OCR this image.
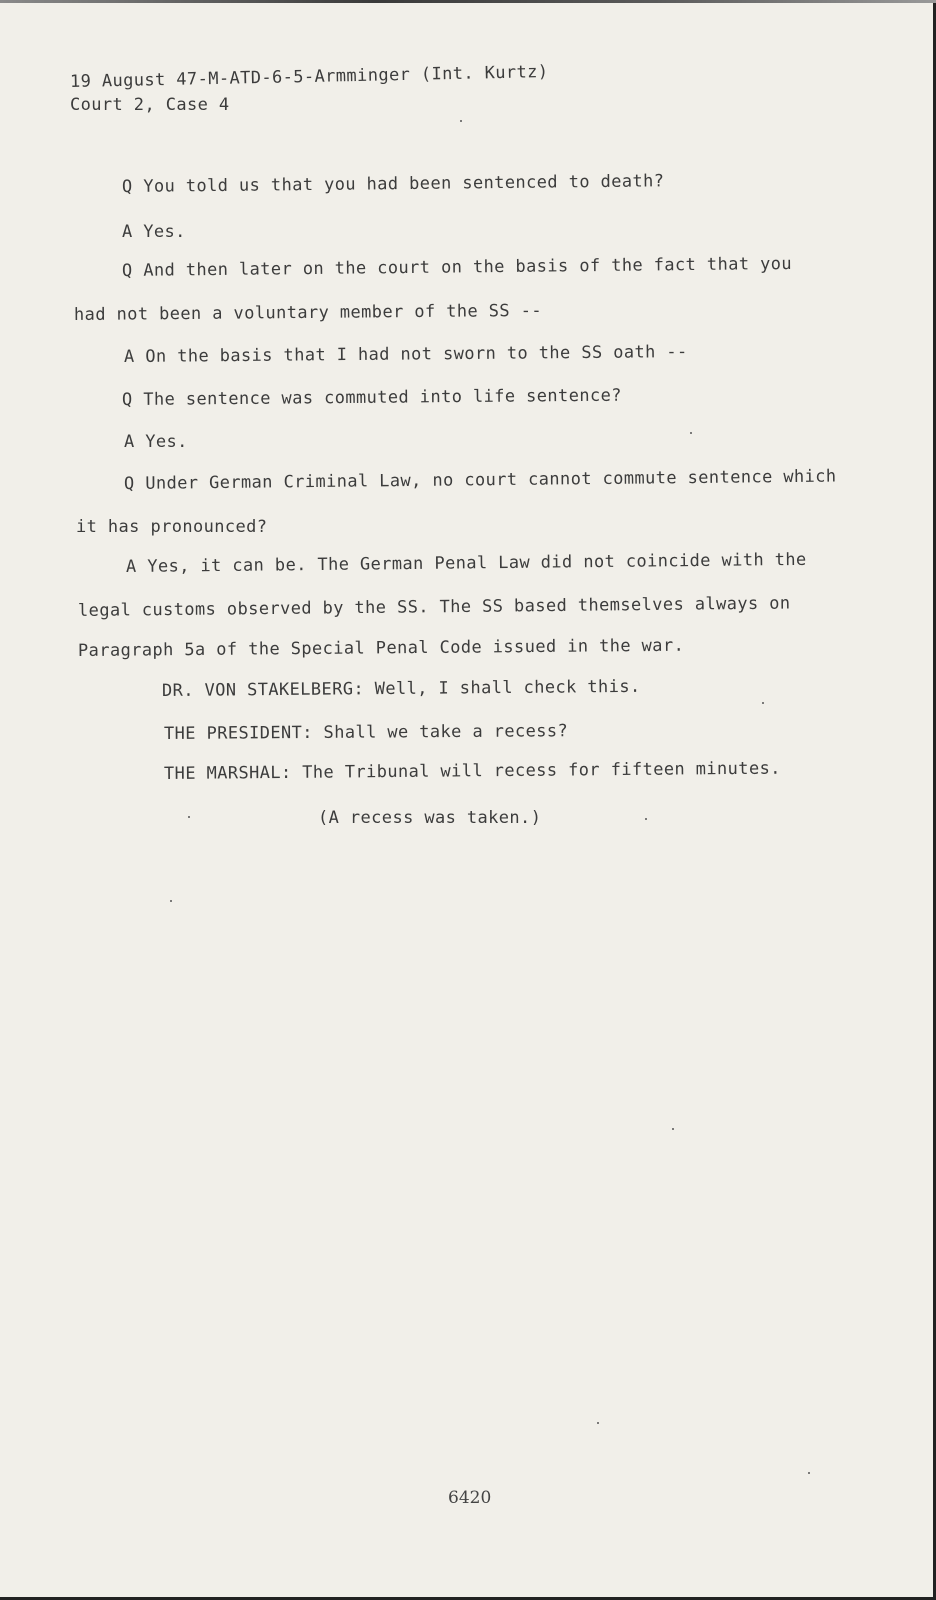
19 August 47-M-ATD-6-5-Armminger (Int. Kurtz)
Court 2, Case 4
Q You told us that you had been sentenced to death?
A Yes.
Q And then later on the court on the basis of the fact that you
had not been a voluntary member of the SS --
A On the basis that I had not sworn to the SS oath --
Q The sentence was commuted into life sentence?
A Yes.
Q Under German Criminal Law, no court cannot commute sentence which
it has pronounced?
A Yes, it can be. The German Penal Law did not coincide with the
legal customs observed by the SS. The SS based themselves always on
Paragraph 5a of the Special Penal Code issued in the war.
DR. VON STAKELBERG: Well, I shall check this.
THE PRESIDENT: Shall we take a recess?
THE MARSHAL: The Tribunal will recess for fifteen minutes.
(A recess was taken.)
6420
